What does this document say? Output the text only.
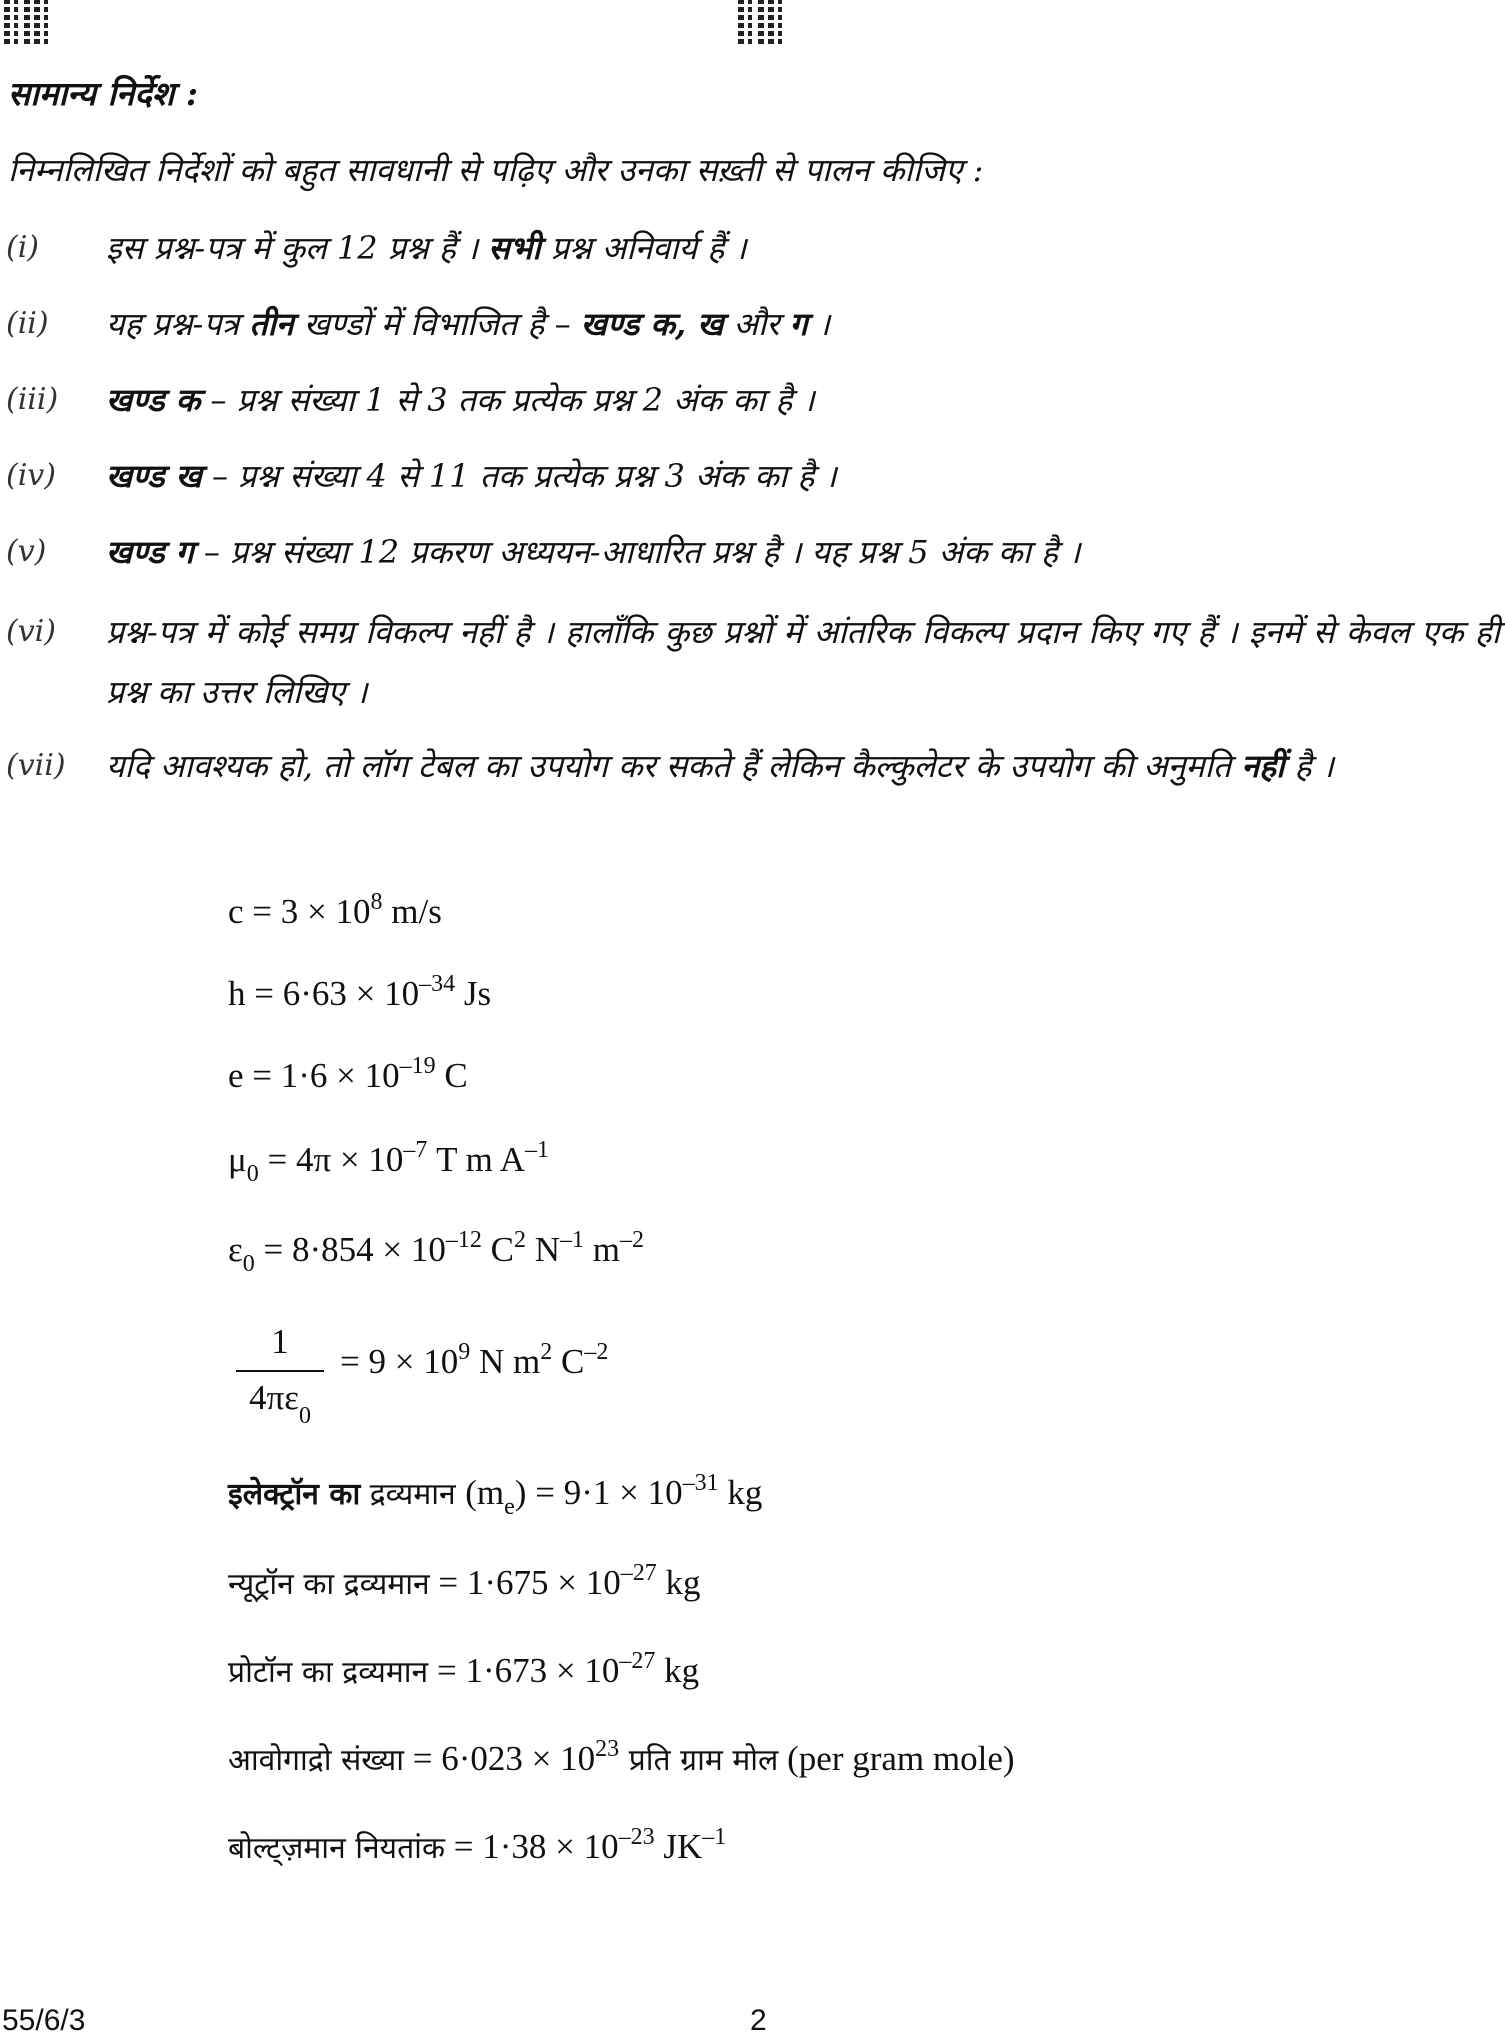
सामान्य निर्देश :
निम्नलिखित निर्देशों को बहुत सावधानी से पढ़िए और उनका सख़्ती से पालन कीजिए :
(i)	इस प्रश्न-पत्र में कुल 12 प्रश्न हैं । सभी प्रश्न अनिवार्य हैं ।
(ii)	यह प्रश्न-पत्र तीन खण्डों में विभाजित है – खण्ड क, ख और ग ।
(iii)	खण्ड क – प्रश्न संख्या 1 से 3 तक प्रत्येक प्रश्न 2 अंक का है ।
(iv)	खण्ड ख – प्रश्न संख्या 4 से 11 तक प्रत्येक प्रश्न 3 अंक का है ।
(v)	खण्ड ग – प्रश्न संख्या 12 प्रकरण अध्ययन-आधारित प्रश्न है । यह प्रश्न 5 अंक का है ।
(vi)	प्रश्न-पत्र में कोई समग्र विकल्प नहीं है । हालाँकि कुछ प्रश्नों में आंतरिक विकल्प प्रदान किए गए हैं । इनमें से केवल एक ही प्रश्न का उत्तर लिखिए ।
(vii)	यदि आवश्यक हो, तो लॉग टेबल का उपयोग कर सकते हैं लेकिन कैल्कुलेटर के उपयोग की अनुमति नहीं है ।
$c = 3 \times 10^8$ m/s
$h = 6\cdot 63 \times 10^{-34}$ Js
$e = 1\cdot 6 \times 10^{-19}$ C
$\mu_0 = 4\pi \times 10^{-7}$ T m $A^{-1}$
$\varepsilon_0 = 8\cdot 854 \times 10^{-12}$ $C^2$ $N^{-1}$ $m^{-2}$
1
$4\pi\varepsilon_0$
= $9 \times 10^9$ N $m^2$ $C^{-2}$
इलेक्ट्रॉन का द्रव्यमान $(m_e) = 9\cdot 1 \times 10^{-31}$ kg
न्यूट्रॉन का द्रव्यमान = $1\cdot 675 \times 10^{-27}$ kg
प्रोटॉन का द्रव्यमान = $1\cdot 673 \times 10^{-27}$ kg
आवोगाद्रो संख्या = $6\cdot 023 \times 10^{23}$ प्रति ग्राम मोल (per gram mole)
बोल्ट्ज़मान नियतांक = $1\cdot 38 \times 10^{-23}$ $JK^{-1}$
55/6/3	2
